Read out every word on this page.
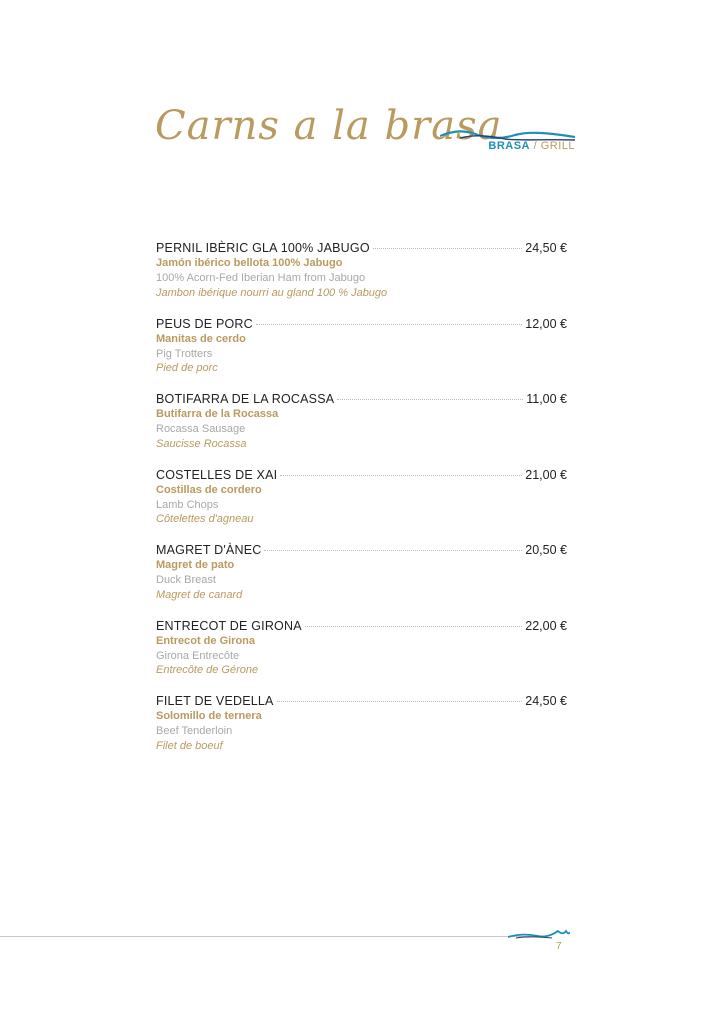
Carns a la brasa
BRASA / GRILL
PERNIL IBÈRIC GLA 100% JABUGO	24,50 €
Jamón ibérico bellota 100% Jabugo
100% Acorn-Fed Iberian Ham from Jabugo
Jambon ibérique nourri au gland 100 % Jabugo
PEUS DE PORC	12,00 €
Manitas de cerdo
Pig Trotters
Pied de porc
BOTIFARRA DE LA ROCASSA	11,00 €
Butifarra de la Rocassa
Rocassa Sausage
Saucisse Rocassa
COSTELLES DE XAI	21,00 €
Costillas de cordero
Lamb Chops
Côtelettes d'agneau
MAGRET D'ÀNEC	20,50 €
Magret de pato
Duck Breast
Magret de canard
ENTRECOT DE GIRONA	22,00 €
Entrecot de Girona
Girona Entrecôte
Entrecôte de Gérone
FILET DE VEDELLA	24,50 €
Solomillo de ternera
Beef Tenderloin
Filet de boeuf
7
